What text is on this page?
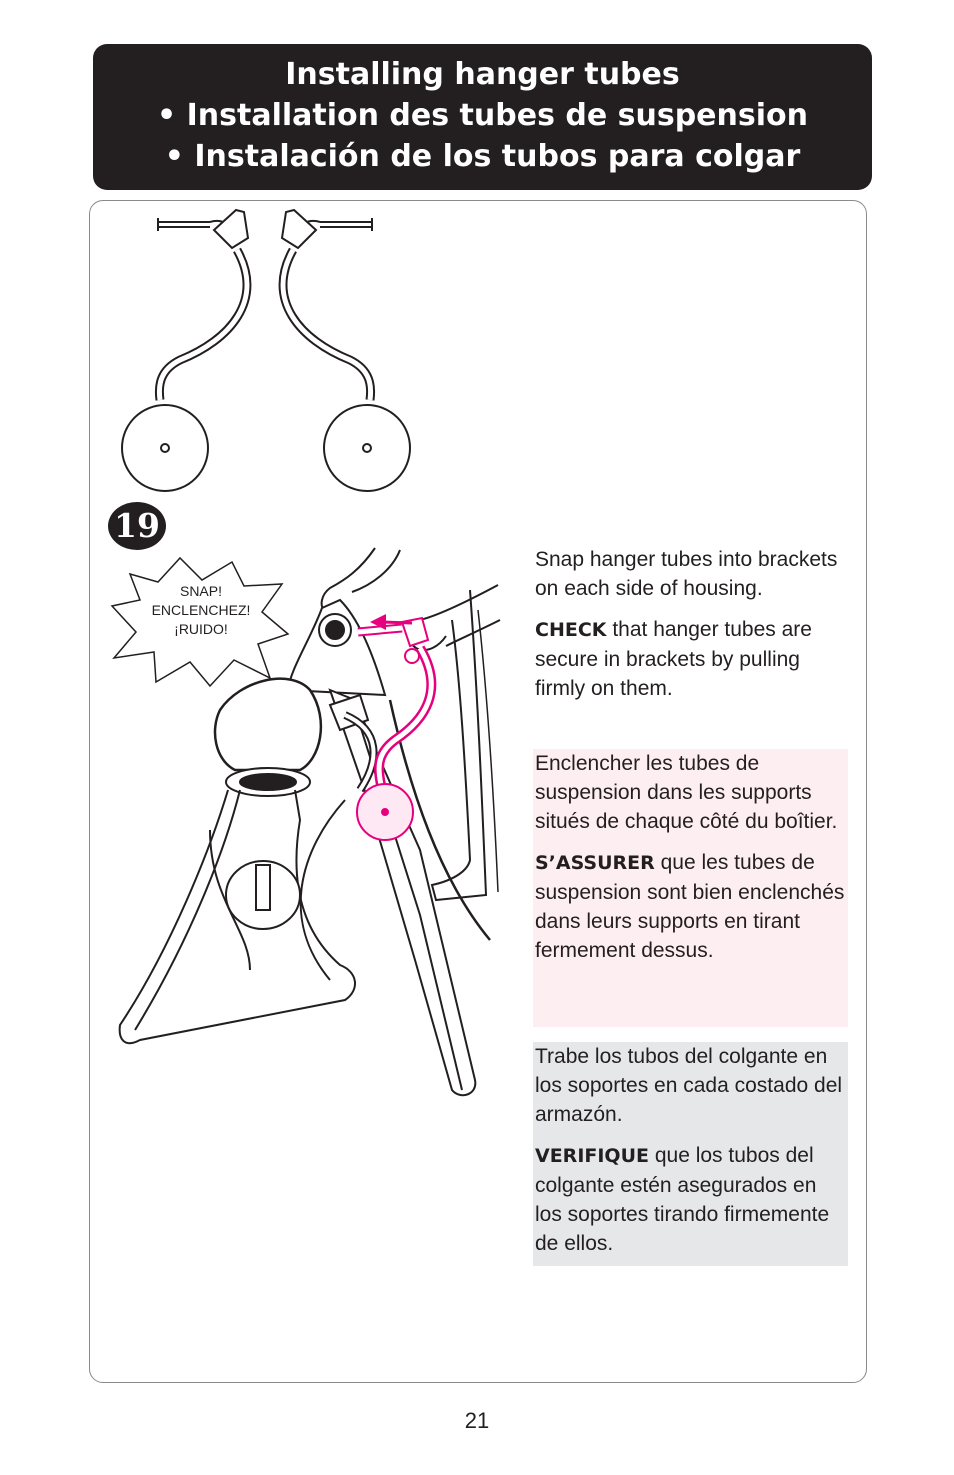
Installing hanger tubes
• Installation des tubes de suspension
• Instalación de los tubos para colgar
19
SNAP!
ENCLENCHEZ!
¡RUIDO!

Snap hanger tubes into brackets on each side of housing.

CHECK that hanger tubes are secure in brackets by pulling firmly on them.

Enclencher les tubes de suspension dans les supports situés de chaque côté du boîtier.

S’ASSURER que les tubes de suspension sont bien enclenchés dans leurs supports en tirant fermement dessus.

Trabe los tubos del colgante en los soportes en cada costado del armazón.

VERIFIQUE que los tubos del colgante estén asegurados en los soportes tirando firmemente de ellos.

21
